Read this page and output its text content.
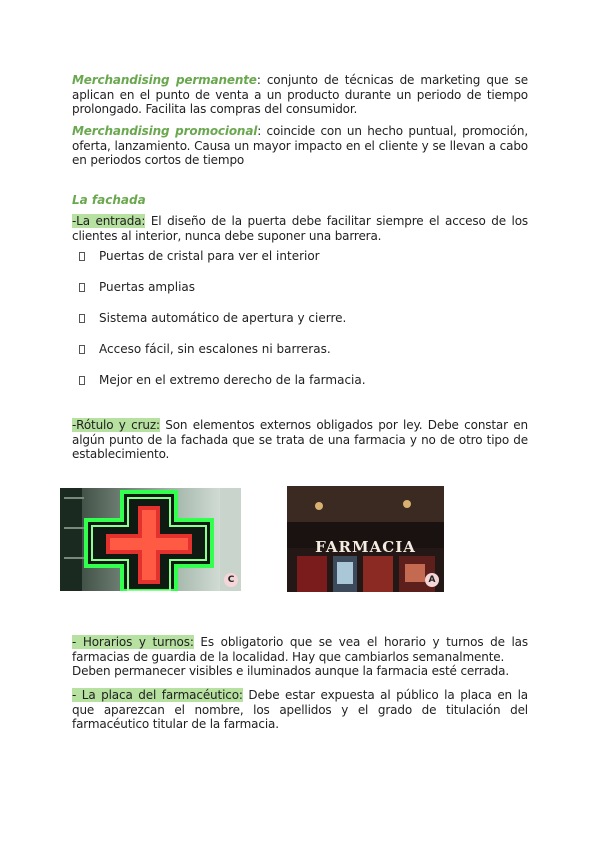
Merchandising permanente: conjunto de técnicas de marketing que se aplican en el punto de venta a un producto durante un periodo de tiempo prolongado. Facilita las compras del consumidor.
Merchandising promocional: coincide con un hecho puntual, promoción, oferta, lanzamiento. Causa un mayor impacto en el cliente y se llevan a cabo en periodos cortos de tiempo
La fachada
-La entrada: El diseño de la puerta debe facilitar siempre el acceso de los clientes al interior, nunca debe suponer una barrera.
Puertas de cristal para ver el interior
Puertas amplias
Sistema automático de apertura y cierre.
Acceso fácil, sin escalones ni barreras.
Mejor en el extremo derecho de la farmacia.
-Rótulo y cruz: Son elementos externos obligados por ley. Debe constar en algún punto de la fachada que se trata de una farmacia y no de otro tipo de establecimiento.
C
FARMACIA
A
- Horarios y turnos: Es obligatorio que se vea el horario y turnos de las farmacias de guardia de la localidad. Hay que cambiarlos semanalmente.
Deben permanecer visibles e iluminados aunque la farmacia esté cerrada.
- La placa del farmacéutico: Debe estar expuesta al público la placa en la que aparezcan el nombre, los apellidos y el grado de titulación del farmacéutico titular de la farmacia.
